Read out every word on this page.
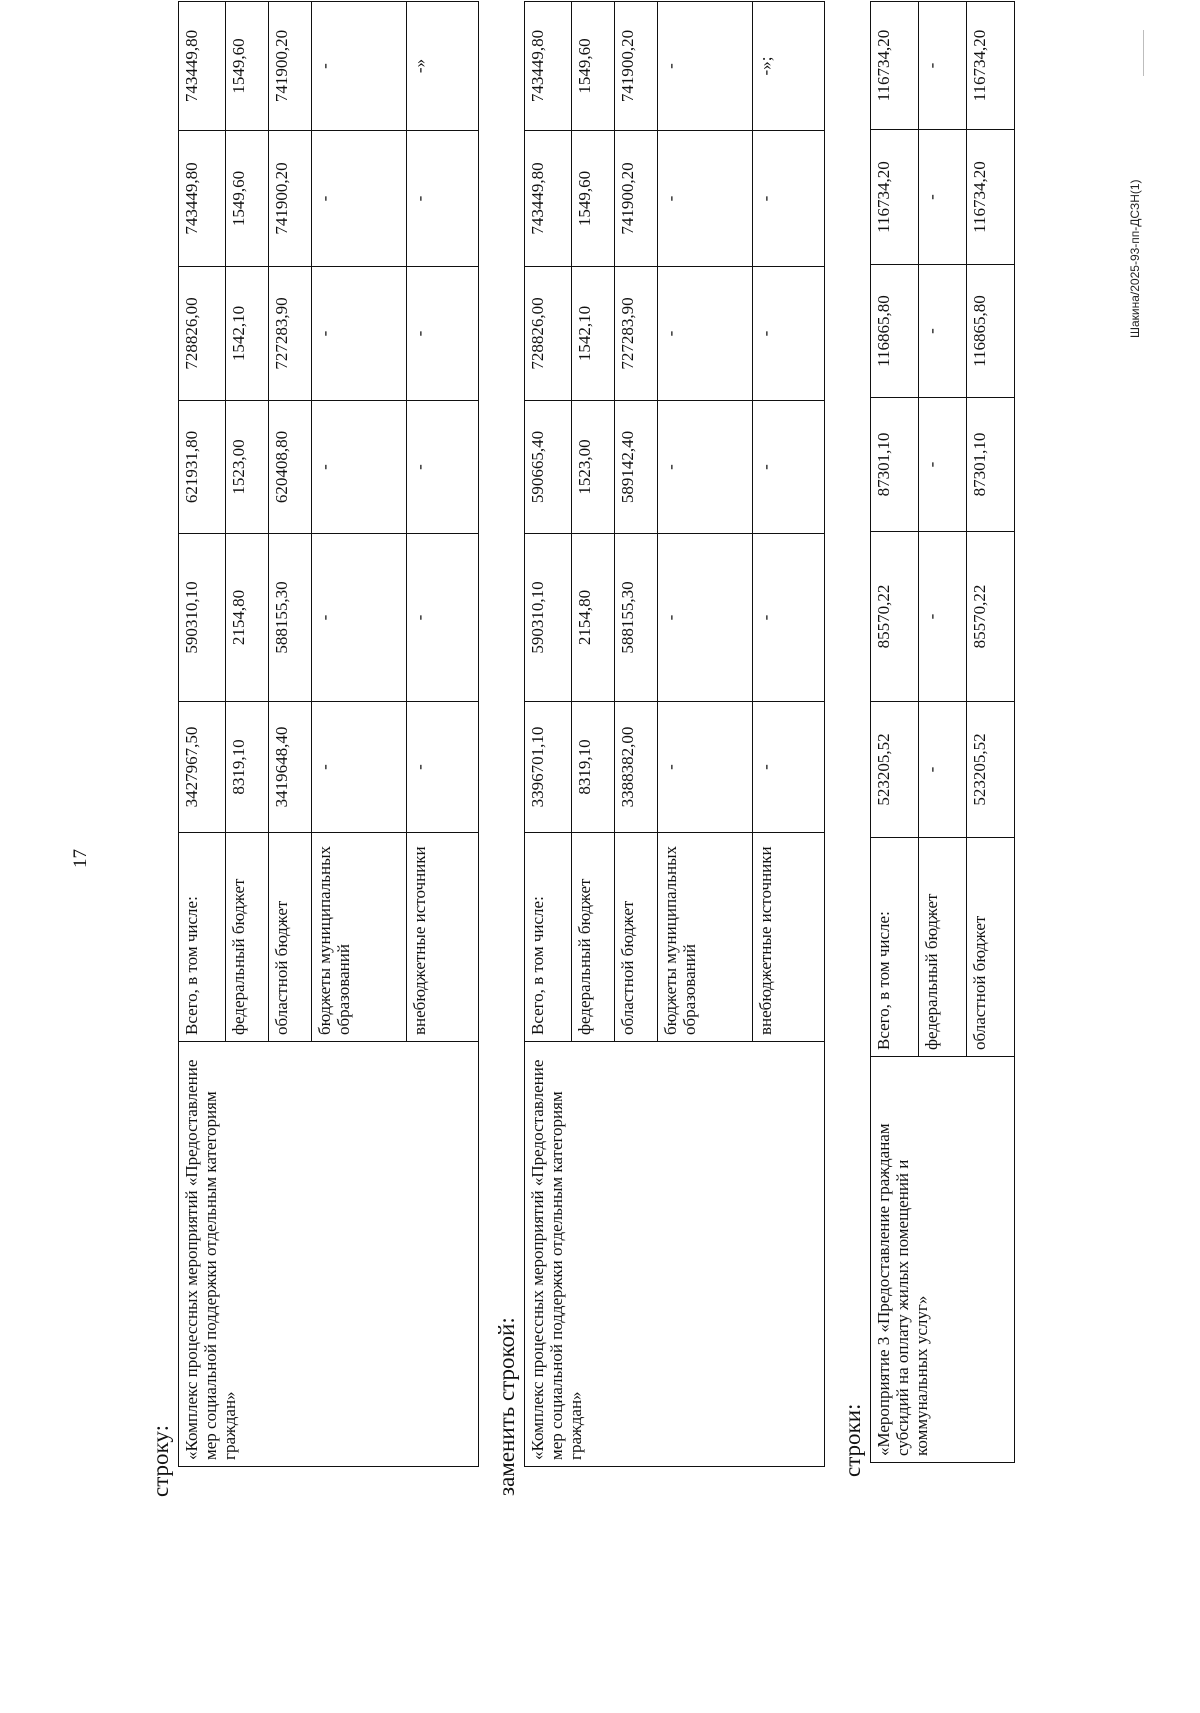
17
строку:
«Комплекс процессных мероприятий «Предоставление мер социальной поддержки отдельным категориям граждан»	Всего, в том числе:	3427967,50	590310,10	621931,80	728826,00	743449,80	743449,80
	федеральный бюджет	8319,10	2154,80	1523,00	1542,10	1549,60	1549,60
	областной бюджет	3419648,40	588155,30	620408,80	727283,90	741900,20	741900,20
	бюджеты муниципальных образований	-	-	-	-	-	-
	внебюджетные источники	-	-	-	-	-	-»
заменить строкой: «Комплекс процессных мероприятий «Предоставление мер социальной поддержки отдельным категориям граждан»	Всего, в том числе:	3396701,10	590310,10	590665,40	728826,00	743449,80	743449,80
	федеральный бюджет	8319,10	2154,80	1523,00	1542,10	1549,60	1549,60
	областной бюджет	3388382,00	588155,30	589142,40	727283,90	741900,20	741900,20
	бюджеты муниципальных образований	-	-	-	-	-	-
	внебюджетные источники	-	-	-	-	-	-»;
строки: «Мероприятие 3 «Предоставление гражданам субсидий на оплату жилых помещений и коммунальных услуг»	Всего, в том числе:	523205,52	85570,22	87301,10	116865,80	116734,20	116734,20
	федеральный бюджет	-	-	-	-	-	-
	областной бюджет	523205,52	85570,22	87301,10	116865,80	116734,20	116734,20
Шакина/2025-93-пп-ДСЗН(1)
